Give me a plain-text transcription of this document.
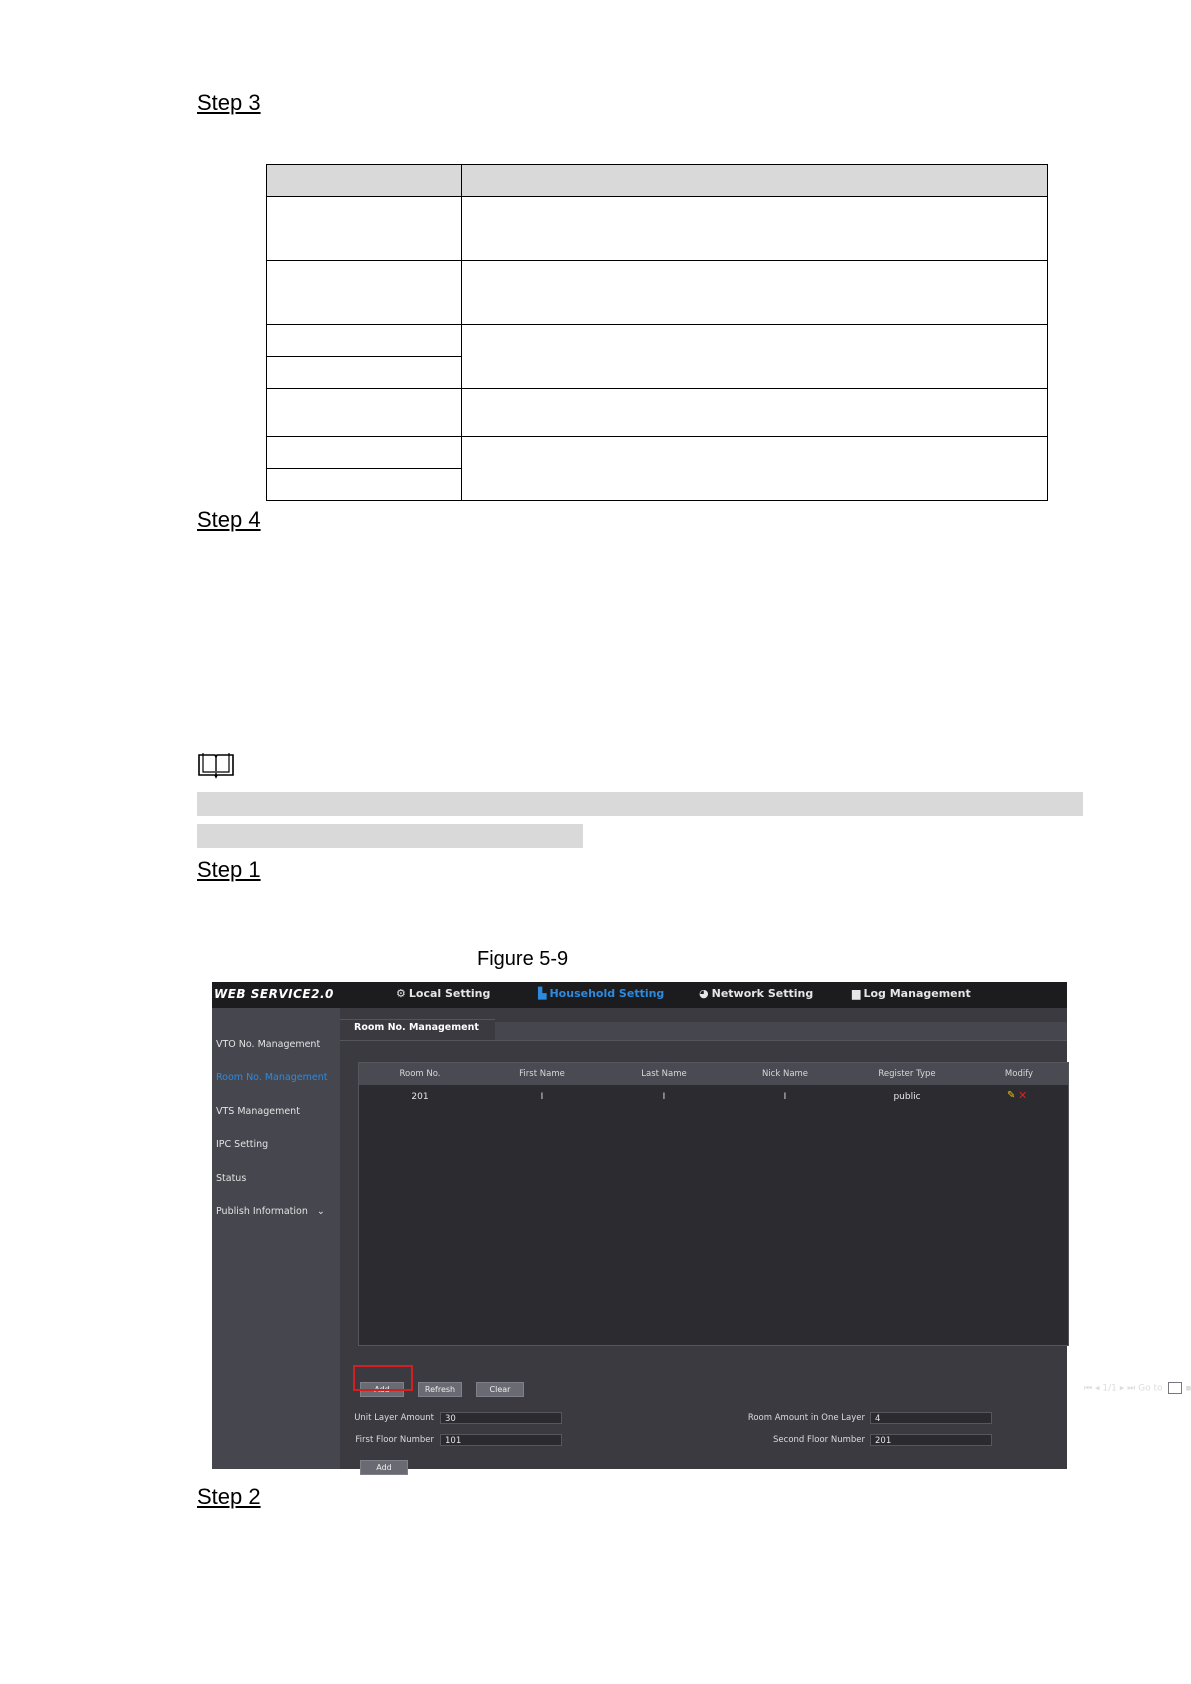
Step 3

Step 4

Step 1

Figure 5-9

WEB SERVICE2.0	⚙ Local Setting	▙ Household Setting	◕ Network Setting	▆ Log Management
VTO No. Management
Room No. Management
VTS Management
IPC Setting
Status
Publish Information ⌄
Room No. Management
Room No.	First Name	Last Name	Nick Name	Register Type	Modify
201	I	I	I	public	✎ ✕
Add	Refresh	Clear	⏮ ◂ 1/1 ▸ ⏭ Go to	▪
Unit Layer Amount	30
First Floor Number	101
Room Amount in One Layer	4
Second Floor Number	201
Add

Step 2
